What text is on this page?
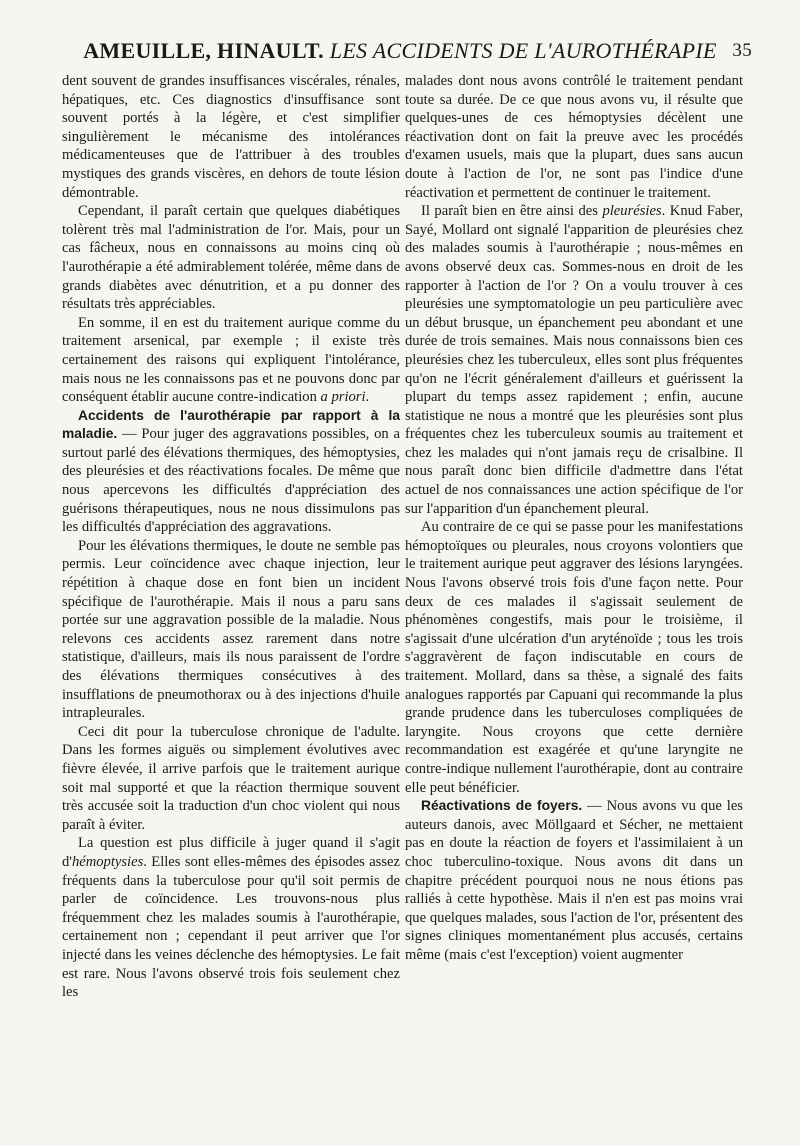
AMEUILLE, HINAULT. LES ACCIDENTS DE L'AUROTHÉRAPIE 35

dent souvent de grandes insuffisances viscérales, rénales, hépatiques, etc. Ces diagnostics d'insuffisance sont souvent portés à la légère, et c'est simplifier singulièrement le mécanisme des intolérances médicamenteuses que de l'attribuer à des troubles mystiques des grands viscères, en dehors de toute lésion démontrable.

Cependant, il paraît certain que quelques diabétiques tolèrent très mal l'administration de l'or. Mais, pour un cas fâcheux, nous en connaissons au moins cinq où l'aurothérapie a été admirablement tolérée, même dans de grands diabètes avec dénutrition, et a pu donner des résultats très appréciables.

En somme, il en est du traitement aurique comme du traitement arsenical, par exemple ; il existe très certainement des raisons qui expliquent l'intolérance, mais nous ne les connaissons pas et ne pouvons donc par conséquent établir aucune contre-indication a priori.

Accidents de l'aurothérapie par rapport à la maladie. — Pour juger des aggravations possibles, on a surtout parlé des élévations thermiques, des hémoptysies, des pleurésies et des réactivations focales. De même que nous apercevons les difficultés d'appréciation des guérisons thérapeutiques, nous ne nous dissimulons pas les difficultés d'appréciation des aggravations.

Pour les élévations thermiques, le doute ne semble pas permis. Leur coïncidence avec chaque injection, leur répétition à chaque dose en font bien un incident spécifique de l'aurothérapie. Mais il nous a paru sans portée sur une aggravation possible de la maladie. Nous relevons ces accidents assez rarement dans notre statistique, d'ailleurs, mais ils nous paraissent de l'ordre des élévations thermiques consécutives à des insufflations de pneumothorax ou à des injections d'huile intrapleurales.

Ceci dit pour la tuberculose chronique de l'adulte. Dans les formes aiguës ou simplement évolutives avec fièvre élevée, il arrive parfois que le traitement aurique soit mal supporté et que la réaction thermique souvent très accusée soit la traduction d'un choc violent qui nous paraît à éviter.

La question est plus difficile à juger quand il s'agit d'hémoptysies. Elles sont elles-mêmes des épisodes assez fréquents dans la tuberculose pour qu'il soit permis de parler de coïncidence. Les trouvons-nous plus fréquemment chez les malades soumis à l'aurothérapie, certainement non ; cependant il peut arriver que l'or injecté dans les veines déclenche des hémoptysies. Le fait est rare. Nous l'avons observé trois fois seulement chez les

malades dont nous avons contrôlé le traitement pendant toute sa durée. De ce que nous avons vu, il résulte que quelques-unes de ces hémoptysies décèlent une réactivation dont on fait la preuve avec les procédés d'examen usuels, mais que la plupart, dues sans aucun doute à l'action de l'or, ne sont pas l'indice d'une réactivation et permettent de continuer le traitement.

Il paraît bien en être ainsi des pleurésies. Knud Faber, Sayé, Mollard ont signalé l'apparition de pleurésies chez des malades soumis à l'aurothérapie ; nous-mêmes en avons observé deux cas. Sommes-nous en droit de les rapporter à l'action de l'or ? On a voulu trouver à ces pleurésies une symptomatologie un peu particulière avec un début brusque, un épanchement peu abondant et une durée de trois semaines. Mais nous connaissons bien ces pleurésies chez les tuberculeux, elles sont plus fréquentes qu'on ne l'écrit généralement d'ailleurs et guérissent la plupart du temps assez rapidement ; enfin, aucune statistique ne nous a montré que les pleurésies sont plus fréquentes chez les tuberculeux soumis au traitement et chez les malades qui n'ont jamais reçu de crisalbine. Il nous paraît donc bien difficile d'admettre dans l'état actuel de nos connaissances une action spécifique de l'or sur l'apparition d'un épanchement pleural.

Au contraire de ce qui se passe pour les manifestations hémoptoïques ou pleurales, nous croyons volontiers que le traitement aurique peut aggraver des lésions laryngées. Nous l'avons observé trois fois d'une façon nette. Pour deux de ces malades il s'agissait seulement de phénomènes congestifs, mais pour le troisième, il s'agissait d'une ulcération d'un aryténoïde ; tous les trois s'aggravèrent de façon indiscutable en cours de traitement. Mollard, dans sa thèse, a signalé des faits analogues rapportés par Capuani qui recommande la plus grande prudence dans les tuberculoses compliquées de laryngite. Nous croyons que cette dernière recommandation est exagérée et qu'une laryngite ne contre-indique nullement l'aurothérapie, dont au contraire elle peut bénéficier.

Réactivations de foyers. — Nous avons vu que les auteurs danois, avec Möllgaard et Sécher, ne mettaient pas en doute la réaction de foyers et l'assimilaient à un choc tuberculino-toxique. Nous avons dit dans un chapitre précédent pourquoi nous ne nous étions pas ralliés à cette hypothèse. Mais il n'en est pas moins vrai que quelques malades, sous l'action de l'or, présentent des signes cliniques momentanément plus accusés, certains même (mais c'est l'exception) voient augmenter
